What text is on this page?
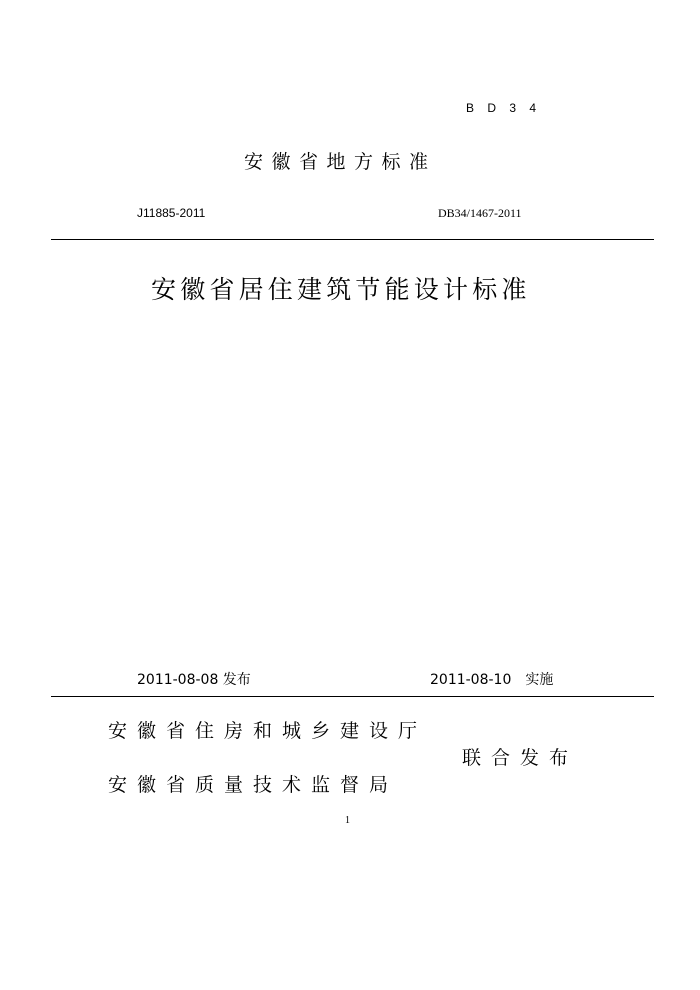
B D 3 4
安徽省地方标准
J11885-2011	DB34/1467-2011
安徽省居住建筑节能设计标准
2011-08-08 发布	2011-08-10　实施
安徽省住房和城乡建设厅
联合发布
安徽省质量技术监督局
1
